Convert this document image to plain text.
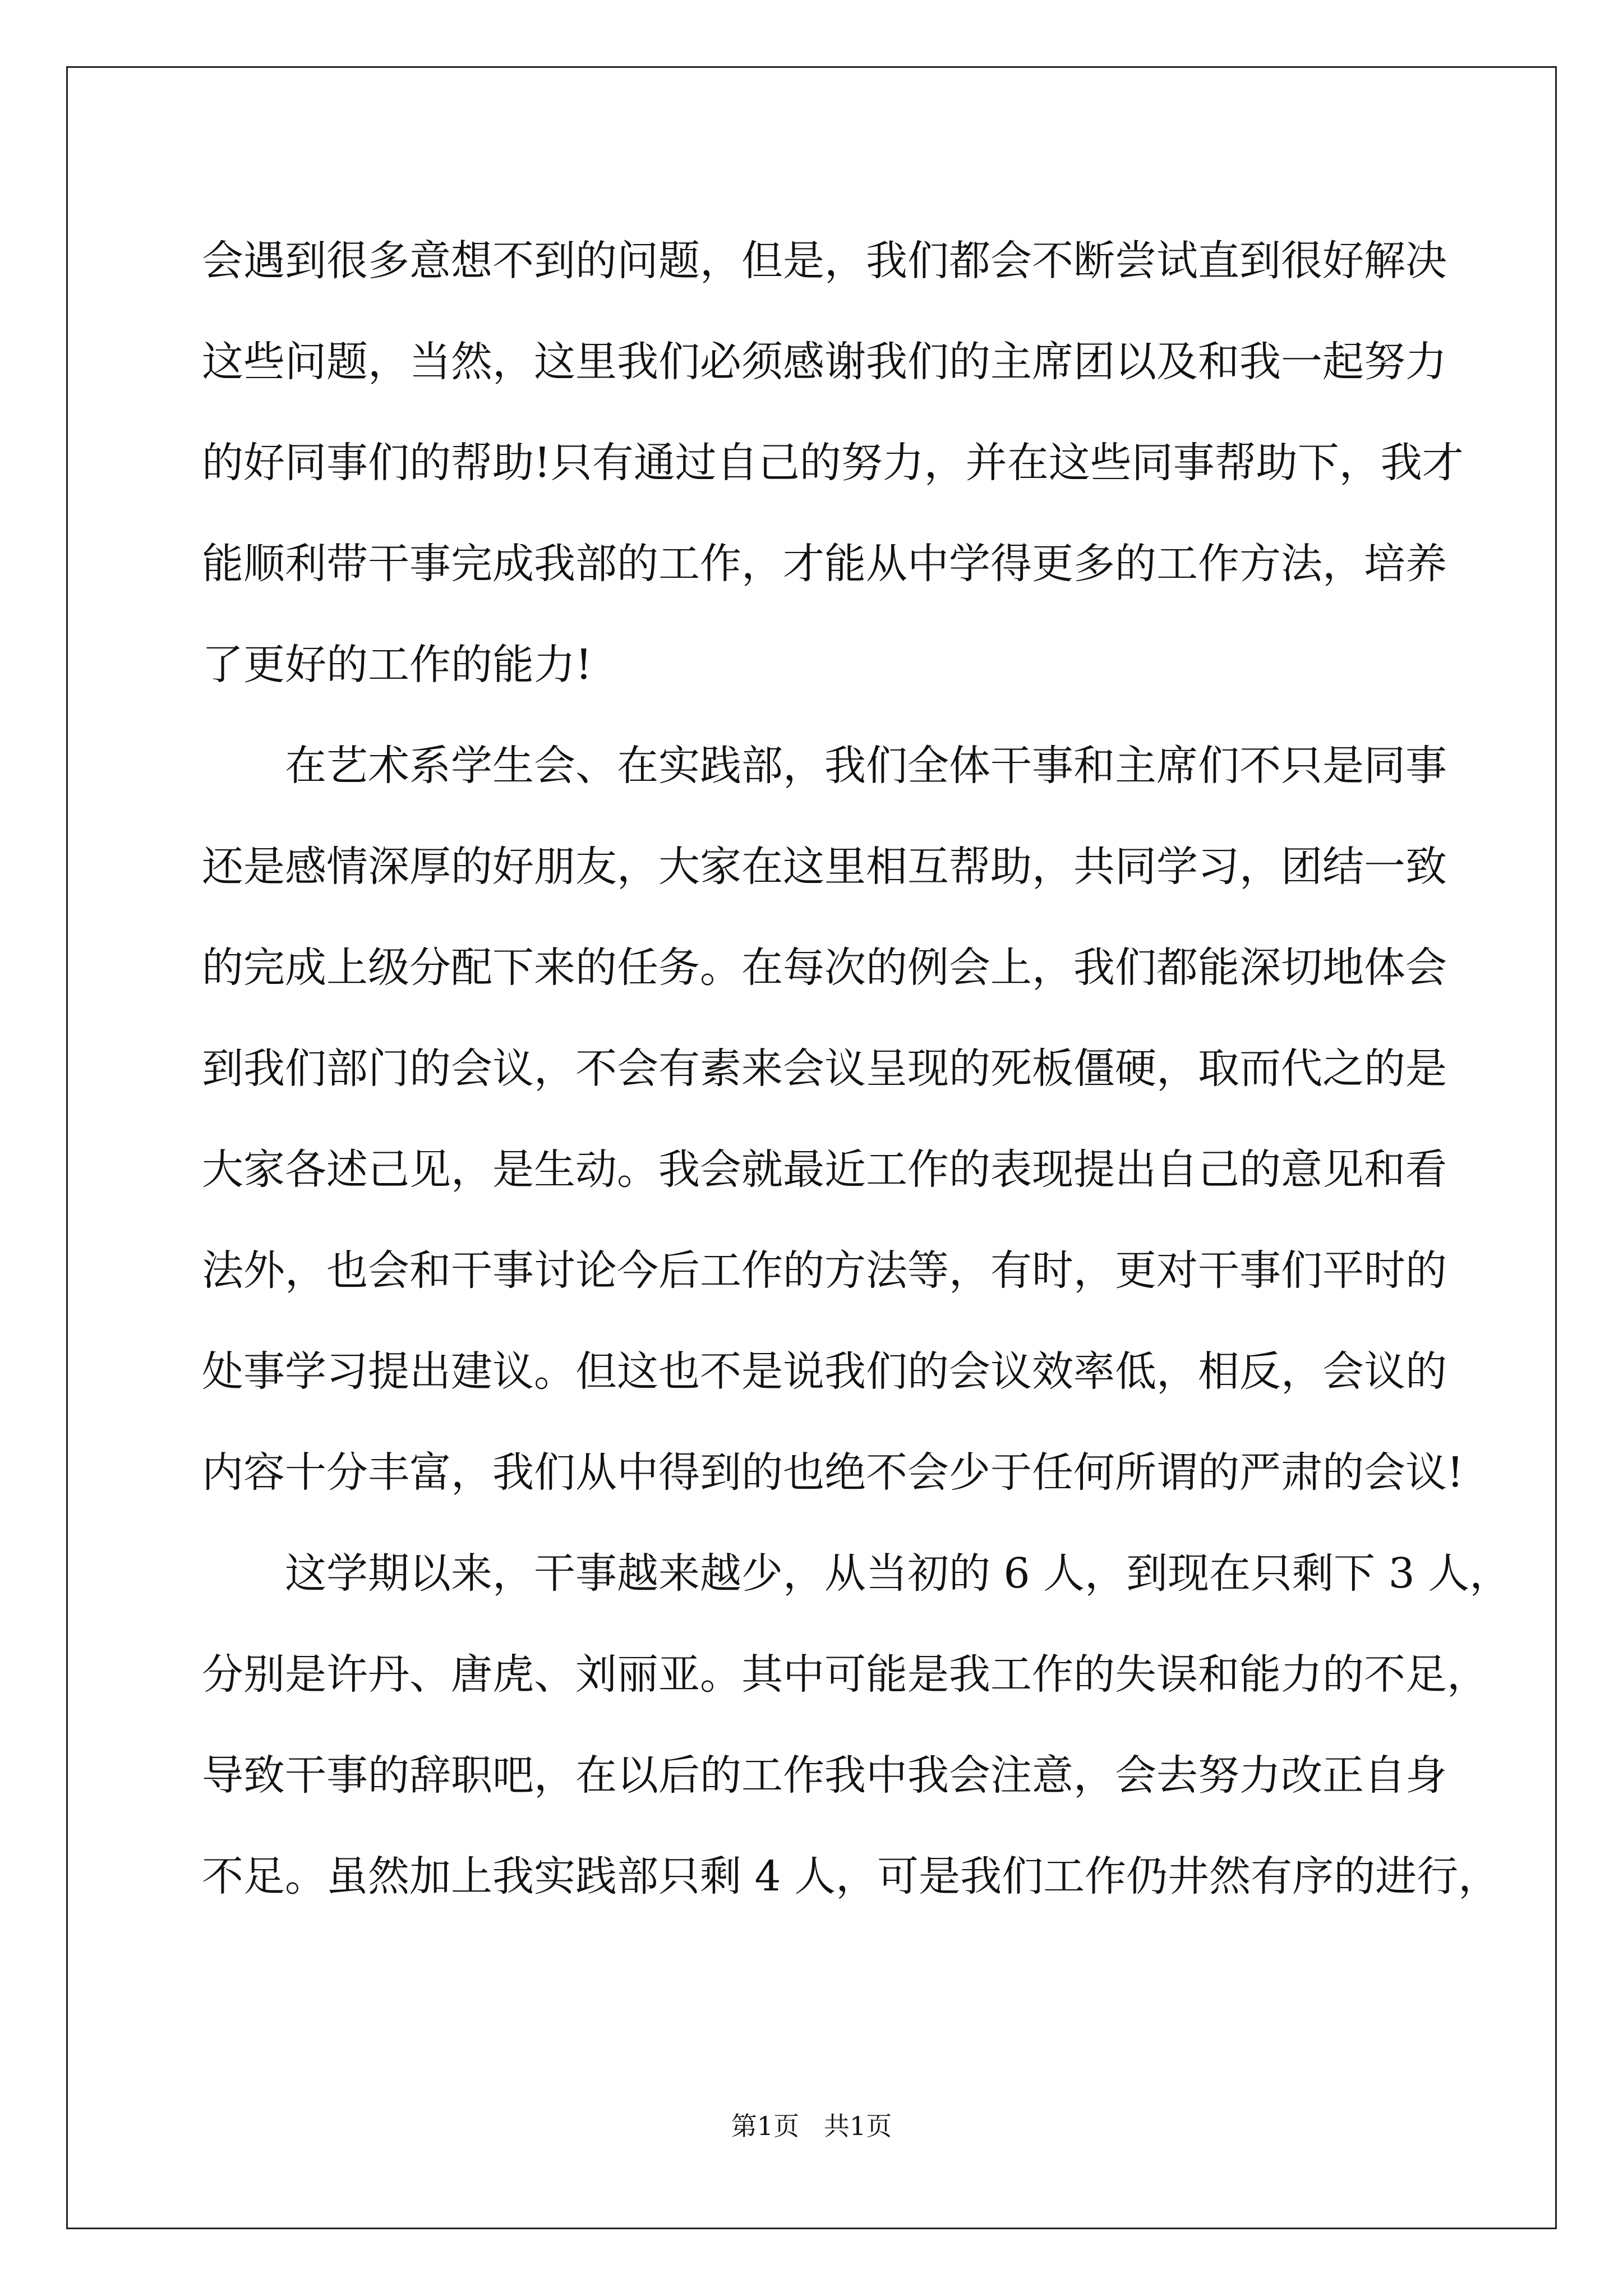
会遇到很多意想不到的问题，但是，我们都会不断尝试直到很好解决
这些问题，当然，这里我们必须感谢我们的主席团以及和我一起努力
的好同事们的帮助!只有通过自己的努力，并在这些同事帮助下，我才
能顺利带干事完成我部的工作，才能从中学得更多的工作方法，培养
了更好的工作的能力!
在艺术系学生会、在实践部，我们全体干事和主席们不只是同事
还是感情深厚的好朋友，大家在这里相互帮助，共同学习，团结一致
的完成上级分配下来的任务。在每次的例会上，我们都能深切地体会
到我们部门的会议，不会有素来会议呈现的死板僵硬，取而代之的是
大家各述己见，是生动。我会就最近工作的表现提出自己的意见和看
法外，也会和干事讨论今后工作的方法等，有时，更对干事们平时的
处事学习提出建议。但这也不是说我们的会议效率低，相反，会议的
内容十分丰富，我们从中得到的也绝不会少于任何所谓的严肃的会议!
这学期以来，干事越来越少，从当初的 6 人，到现在只剩下 3 人，
分别是许丹、唐虎、刘丽亚。其中可能是我工作的失误和能力的不足，
导致干事的辞职吧，在以后的工作我中我会注意，会去努力改正自身
不足。虽然加上我实践部只剩 4 人，可是我们工作仍井然有序的进行，
第1页   共1页
